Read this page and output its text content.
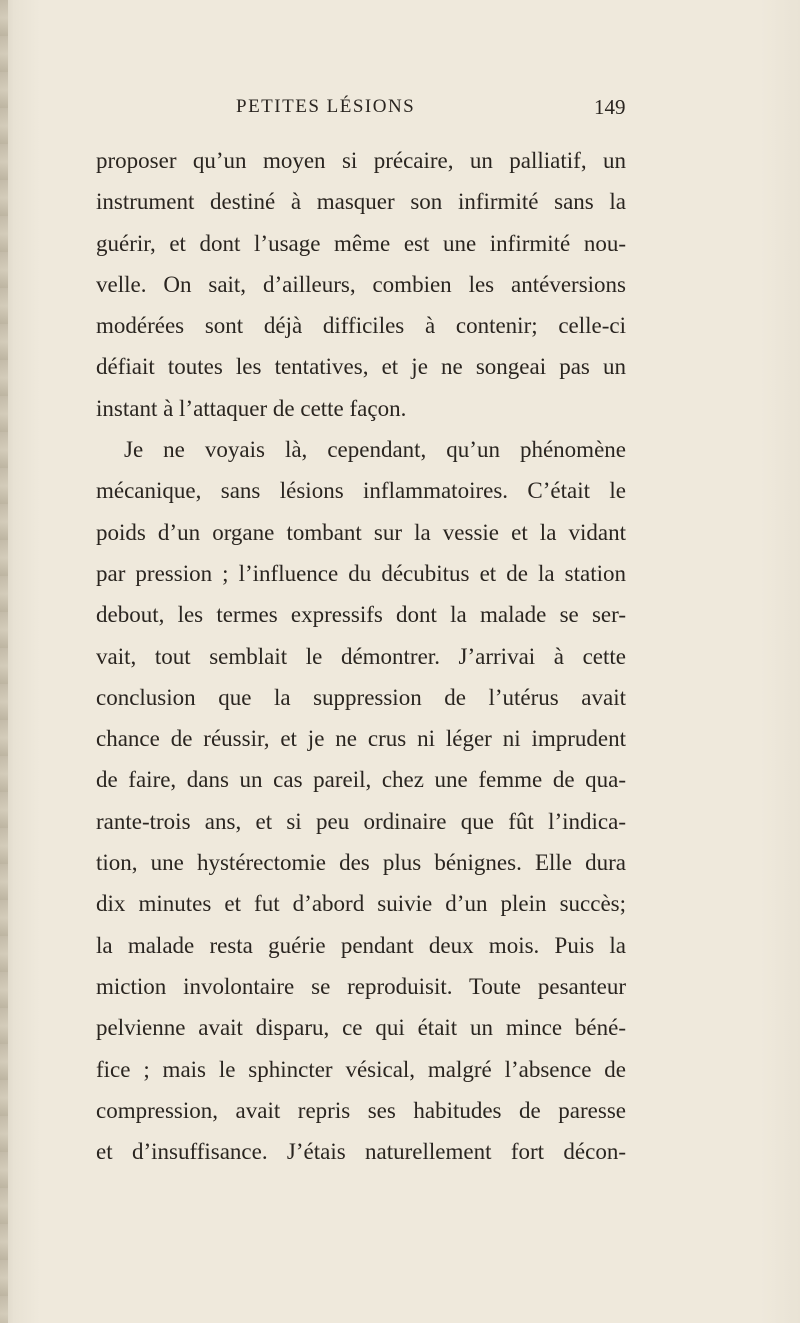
PETITES LÉSIONS	149
proposer qu’un moyen si précaire, un palliatif, un
instrument destiné à masquer son infirmité sans la
guérir, et dont l’usage même est une infirmité nou-
velle. On sait, d’ailleurs, combien les antéversions
modérées sont déjà difficiles à contenir; celle-ci
défiait toutes les tentatives, et je ne songeai pas un
instant à l’attaquer de cette façon.
Je ne voyais là, cependant, qu’un phénomène
mécanique, sans lésions inflammatoires. C’était le
poids d’un organe tombant sur la vessie et la vidant
par pression ; l’influence du décubitus et de la station
debout, les termes expressifs dont la malade se ser-
vait, tout semblait le démontrer. J’arrivai à cette
conclusion que la suppression de l’utérus avait
chance de réussir, et je ne crus ni léger ni imprudent
de faire, dans un cas pareil, chez une femme de qua-
rante-trois ans, et si peu ordinaire que fût l’indica-
tion, une hystérectomie des plus bénignes. Elle dura
dix minutes et fut d’abord suivie d’un plein succès;
la malade resta guérie pendant deux mois. Puis la
miction involontaire se reproduisit. Toute pesanteur
pelvienne avait disparu, ce qui était un mince béné-
fice ; mais le sphincter vésical, malgré l’absence de
compression, avait repris ses habitudes de paresse
et d’insuffisance. J’étais naturellement fort décon-
